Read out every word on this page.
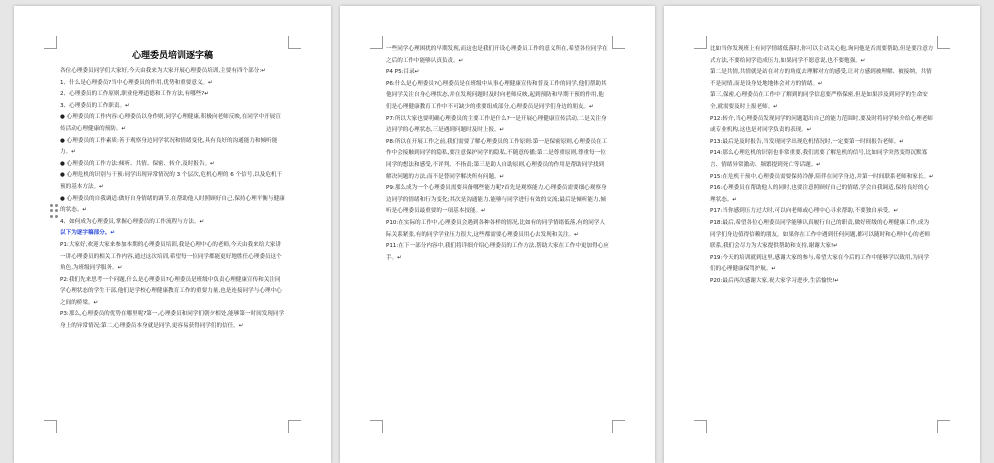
心理委员培训逐字稿

各位心理委员同学们大家好,今天由我来为大家开展心理委员培训,主要有四个部分:↵

1、什么是心理委员?当中心理委员的作用,优势和重要意义。↵

2、心理委员的工作原则,职业伦理道德和工作方法,有哪些?↵

3、心理委员的工作职责。↵

● 心理委员的工作内容:心理委员以身作则,同学心理健康,积极向老师反映,在同学中开展宣传活动心理健康的预防。↵

● 心理委员的工作素质:善于观察身边同学状况和情绪变化,具有良好的沟通能力和倾听能力。↵

● 心理委员的工作方法:倾听、共情、保密、转介,及时报告。↵

● 心理危机的识别与干预:同学出现异常情况的 3 个层次,危机心理的 6 个信号,以及危机干预的基本方法。↵

● 心理委员的自我调适:做好自身情绪的调节,在帮助他人时照顾好自己,保持心理平衡与健康的状态。↵

4、如何成为心理委员,掌握心理委员的工作流程与方法。↵

以下为逐字稿部分。↵

P1:大家好,欢迎大家来参加本期的心理委员培训,我是心理中心的老师,今天由我来给大家讲一讲心理委员的相关工作内容,通过这次培训,希望每一位同学都能更好地胜任心理委员这个角色,为班级同学服务。↵

P2:我们先来思考一个问题,什么是心理委员?心理委员是班级中负责心理健康宣传和关注同学心理状态的学生干部,他们是学校心理健康教育工作的重要力量,也是连接同学与心理中心之间的桥梁。↵

P3:那么,心理委员的优势在哪里呢?第一,心理委员和同学们朝夕相处,能够第一时间发现同学身上的异常情况;第二,心理委员本身就是同学,更容易获得同学们的信任。↵

一些同学心理困扰的早期发现,而这也是我们开设心理委员工作的意义所在,希望各位同学在之后的工作中能够认真负责。↵

P4 P5:目录↵

P6:什么是心理委员?心理委员是在班级中从事心理健康宣传和普及工作的同学,他们帮助其他同学关注自身心理状态,并在发现问题时及时向老师反映,起到预防和早期干预的作用,他们是心理健康教育工作中不可缺少的重要组成部分,心理委员是同学们身边的朋友。↵

P7:所以大家也要明确心理委员的主要工作是什么?一是开展心理健康宣传活动,二是关注身边同学的心理状态,三是遇到问题时及时上报。↵

P8:所以在开展工作之前,我们需要了解心理委员的工作原则:第一是保密原则,心理委员在工作中会接触到同学的隐私,要注意保护同学的隐私,不随意传播;第二是尊重原则,尊重每一位同学的想法和感受,不评判、不指责;第三是助人自助原则,心理委员的作用是帮助同学找到解决问题的方法,而不是替同学解决所有问题。↵

P9:那么成为一个心理委员需要具备哪些能力呢?首先是观察能力,心理委员需要细心观察身边同学的情绪和行为变化;其次是沟通能力,能够与同学进行有效的交流;最后是倾听能力,倾听是心理委员最重要的一项基本技能。↵

P10:在实际的工作中,心理委员会遇到各种各样的情况,比如有的同学情绪低落,有的同学人际关系紧张,有的同学学业压力很大,这些都需要心理委员用心去发现和关注。↵

P11:在下一部分内容中,我们将详细介绍心理委员的工作方法,帮助大家在工作中更加得心应手。↵

比如当你发现班上有同学情绪低落时,你可以主动关心他,询问他是否需要帮助,但是要注意方式方法,不要给同学造成压力,如果同学不愿意说,也不要勉强。↵

第二是共情,共情就是站在对方的角度去理解对方的感受,让对方感到被理解、被接纳。共情不是同情,而是设身处地地体会对方的情绪。↵

第三,保密,心理委员在工作中了解到的同学信息要严格保密,但是如果涉及到同学的生命安全,就需要及时上报老师。↵

P12:转介,当心理委员发现同学的问题超出自己的能力范围时,要及时将同学转介给心理老师或专业机构,这也是对同学负责的表现。↵

P13:最后是及时报告,当发现同学出现危机情况时,一定要第一时间报告老师。↵

P14:那么心理危机的识别也非常重要,我们需要了解危机的信号,比如同学突然变得沉默寡言、情绪异常激动、频繁提到死亡等话题。↵

P15:在危机干预中,心理委员需要保持冷静,陪伴在同学身边,并第一时间联系老师和家长。↵

P16:心理委员在帮助他人的同时,也要注意照顾好自己的情绪,学会自我调适,保持良好的心理状态。↵

P17:当你感到压力过大时,可以向老师或心理中心寻求帮助,不要独自承受。↵

P18:最后,希望各位心理委员同学能够认真履行自己的职责,做好班级的心理健康工作,成为同学们身边值得信赖的朋友。如果你在工作中遇到任何问题,都可以随时和心理中心的老师联系,我们会尽力为大家提供帮助和支持,谢谢大家!↵

P19:今天的培训就到这里,感谢大家的参与,希望大家在今后的工作中能够学以致用,为同学们的心理健康保驾护航。↵

P20:最后再次感谢大家,祝大家学习进步,生活愉快!↵
